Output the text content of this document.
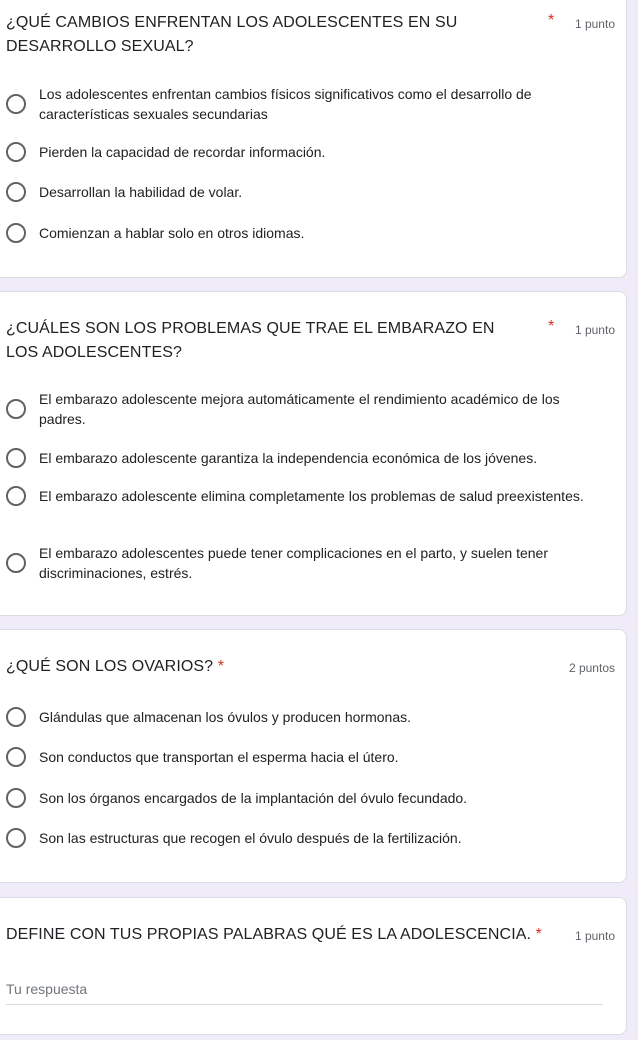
¿QUÉ CAMBIOS ENFRENTAN LOS ADOLESCENTES EN SU DESARROLLO SEXUAL?
* 1 punto
Los adolescentes enfrentan cambios físicos significativos como el desarrollo de características sexuales secundarias
Pierden la capacidad de recordar información.
Desarrollan la habilidad de volar.
Comienzan a hablar solo en otros idiomas.
¿CUÁLES SON LOS PROBLEMAS QUE TRAE EL EMBARAZO EN LOS ADOLESCENTES?
* 1 punto
El embarazo adolescente mejora automáticamente el rendimiento académico de los padres.
El embarazo adolescente garantiza la independencia económica de los jóvenes.
El embarazo adolescente elimina completamente los problemas de salud preexistentes.
El embarazo adolescentes puede tener complicaciones en el parto, y suelen tener discriminaciones, estrés.
¿QUÉ SON LOS OVARIOS? *	2 puntos
Glándulas que almacenan los óvulos y producen hormonas.
Son conductos que transportan el esperma hacia el útero.
Son los órganos encargados de la implantación del óvulo fecundado.
Son las estructuras que recogen el óvulo después de la fertilización.
DEFINE CON TUS PROPIAS PALABRAS QUÉ ES LA ADOLESCENCIA. *	1 punto
Tu respuesta
